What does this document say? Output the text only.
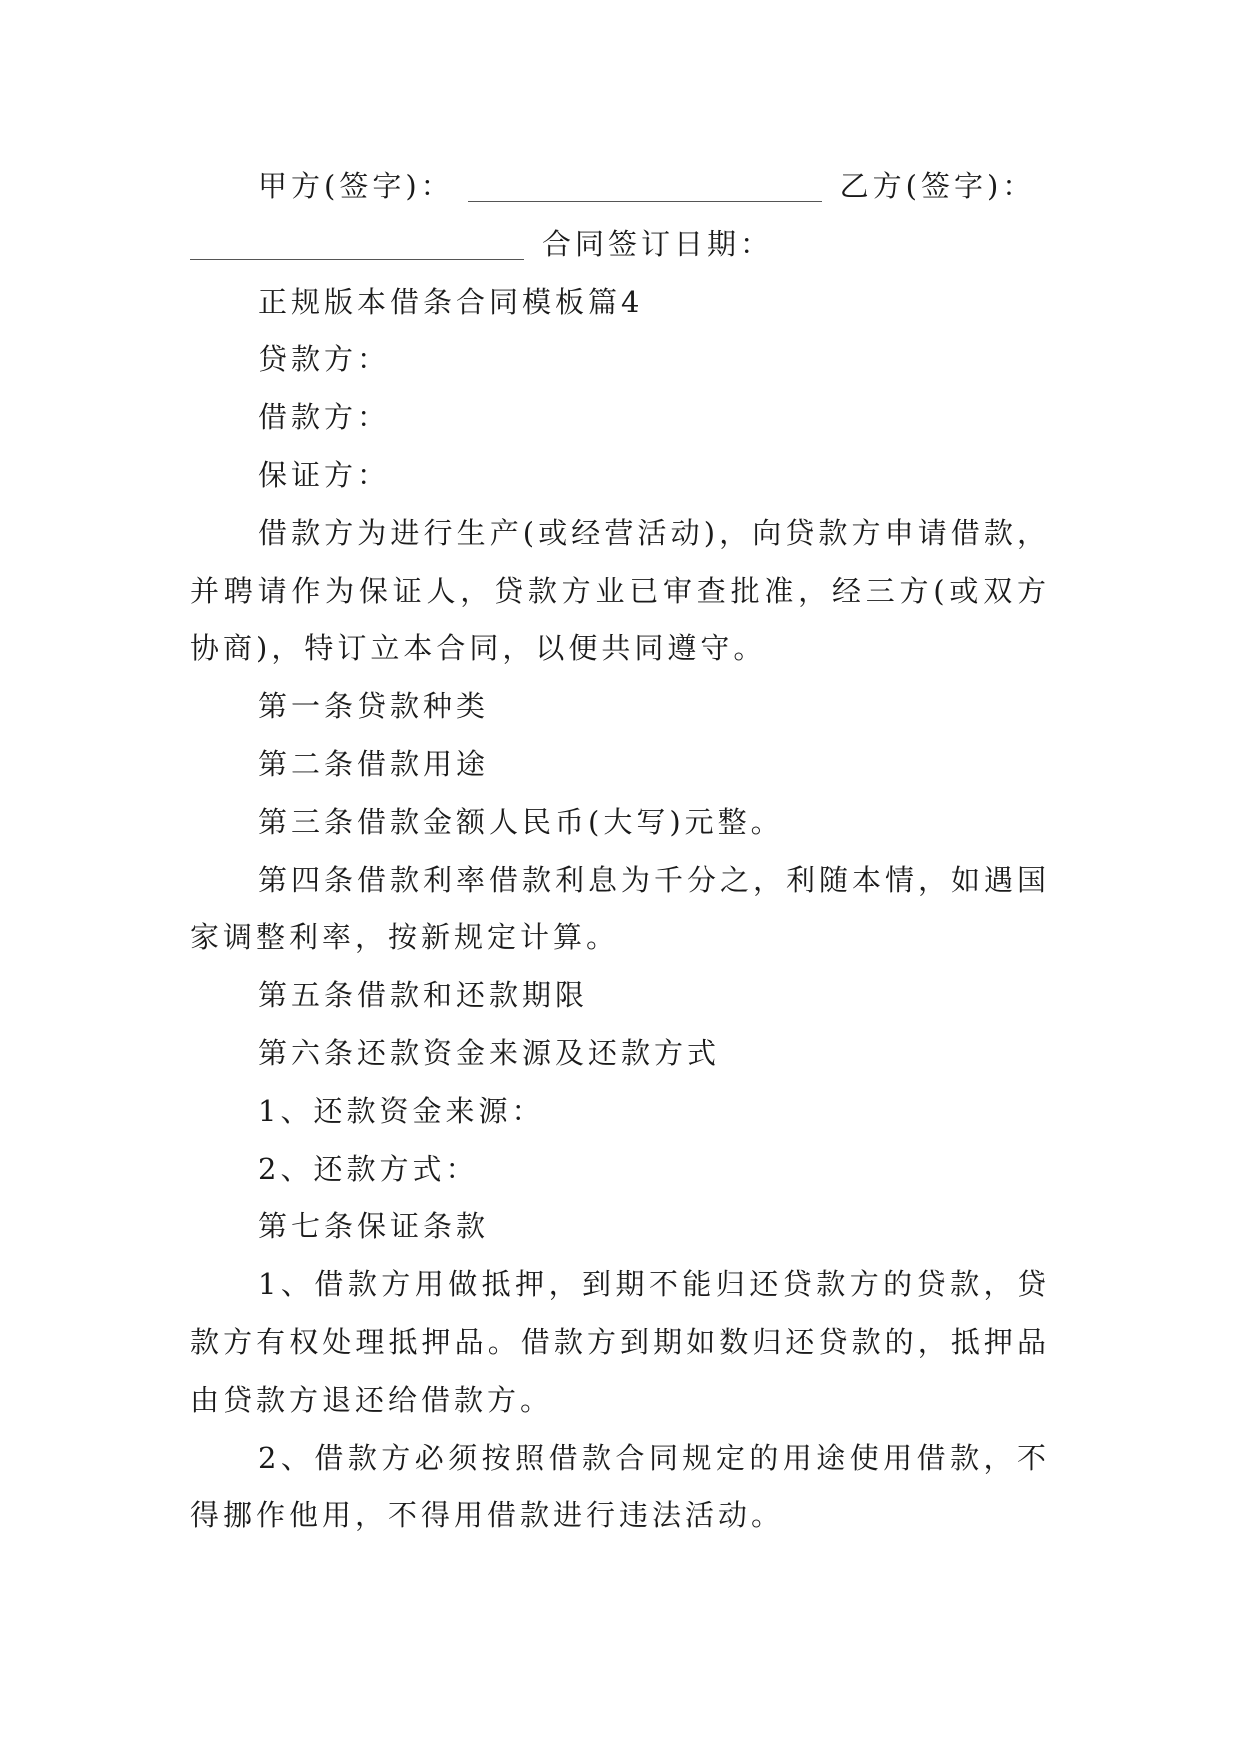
甲方(签字)：	乙方(签字)：

合同签订日期：

正规版本借条合同模板篇4

贷款方：

借款方：

保证方：

借款方为进行生产(或经营活动)，向贷款方申请借款，并聘请作为保证人，贷款方业已审查批准，经三方(或双方协商)，特订立本合同，以便共同遵守。

第一条贷款种类

第二条借款用途

第三条借款金额人民币(大写)元整。

第四条借款利率借款利息为千分之，利随本情，如遇国家调整利率，按新规定计算。

第五条借款和还款期限

第六条还款资金来源及还款方式

1、还款资金来源：

2、还款方式：

第七条保证条款

1、借款方用做抵押，到期不能归还贷款方的贷款，贷款方有权处理抵押品。借款方到期如数归还贷款的，抵押品由贷款方退还给借款方。

2、借款方必须按照借款合同规定的用途使用借款，不得挪作他用，不得用借款进行违法活动。
